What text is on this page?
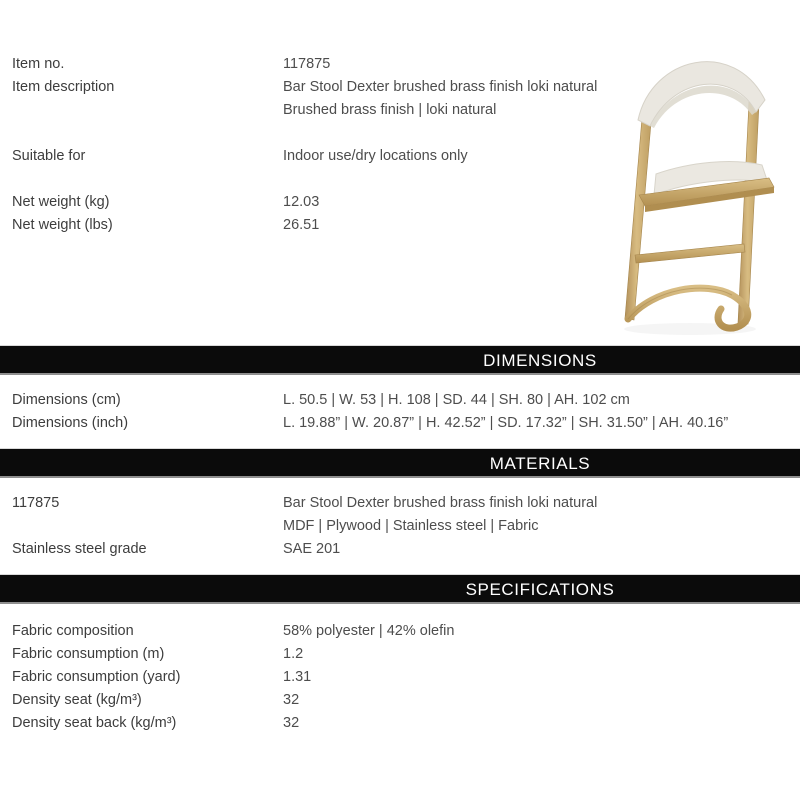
Item no.	117875
Item description	Bar Stool Dexter brushed brass finish loki natural
Brushed brass finish | loki natural
Suitable for	Indoor use/dry locations only
Net weight (kg)	12.03
Net weight (lbs)	26.51
DIMENSIONS
Dimensions (cm)	L. 50.5 | W. 53 | H. 108 | SD. 44 | SH. 80 | AH. 102 cm
Dimensions (inch)	L. 19.88” | W. 20.87” | H. 42.52” | SD. 17.32” | SH. 31.50” | AH. 40.16”
MATERIALS
117875	Bar Stool Dexter brushed brass finish loki natural
MDF | Plywood | Stainless steel | Fabric
Stainless steel grade	SAE 201
SPECIFICATIONS
Fabric composition	58% polyester | 42% olefin
Fabric consumption (m)	1.2
Fabric consumption (yard)	1.31
Density seat (kg/m³)	32
Density seat back (kg/m³)	32
